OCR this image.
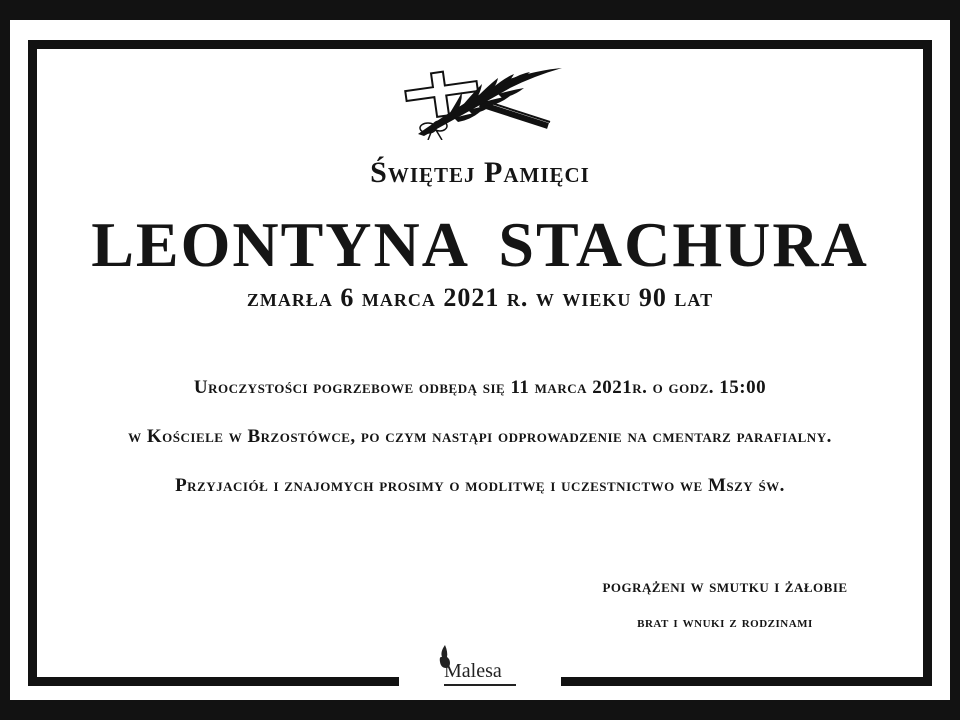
Świętej Pamięci

LEONTYNA STACHURA

zmarła 6 marca 2021 r. w wieku 90 lat

Uroczystości pogrzebowe odbędą się 11 marca 2021r. o godz. 15:00

w Kościele w Brzostówce, po czym nastąpi odprowadzenie na cmentarz parafialny.

Przyjaciół i znajomych prosimy o modlitwę i uczestnictwo we Mszy św.

pogrążeni w smutku i żałobie

brat i wnuki z rodzinami

Malesa
